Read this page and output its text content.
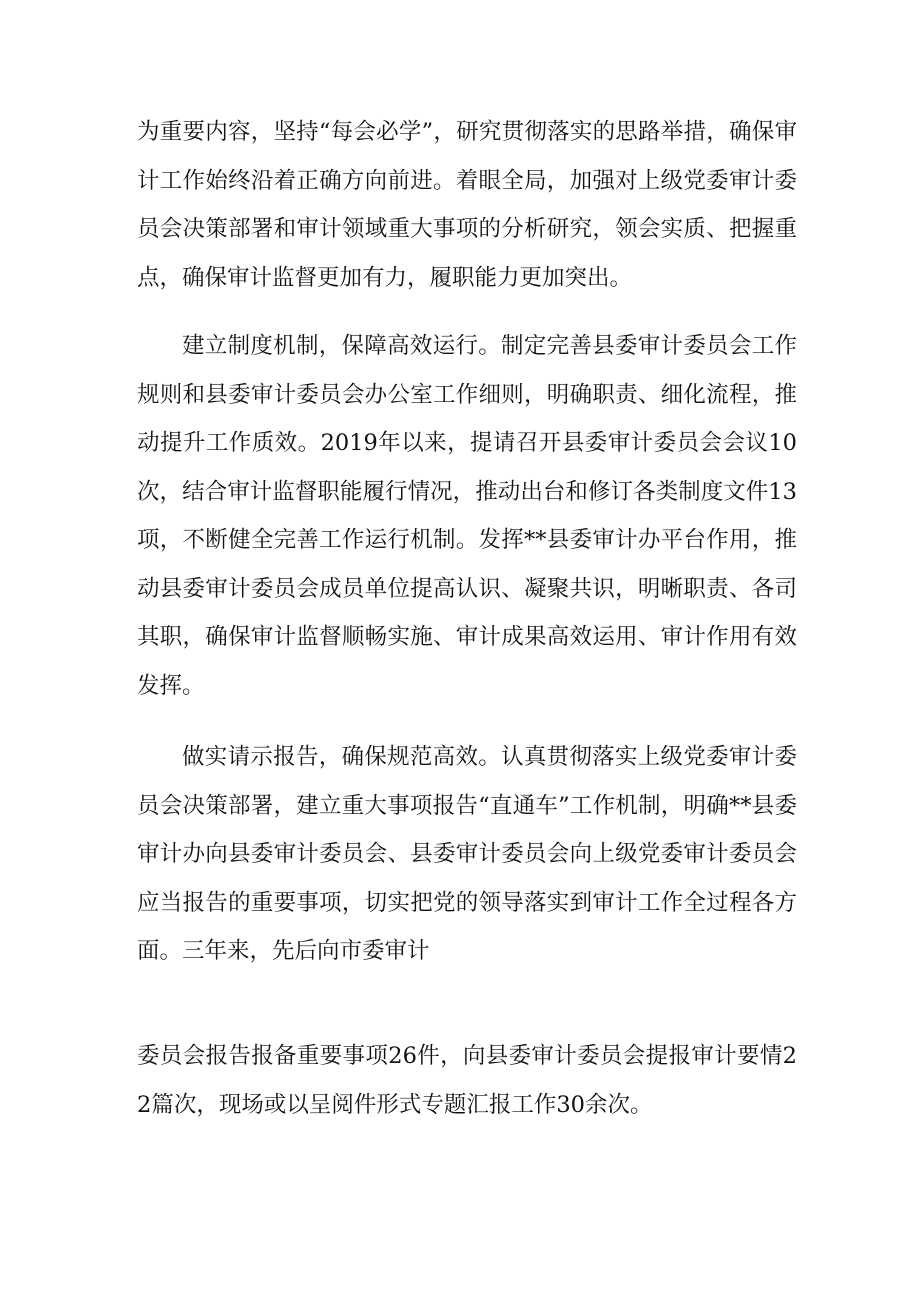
为重要内容，坚持“每会必学”，研究贯彻落实的思路举措，确保审计工作始终沿着正确方向前进。着眼全局，加强对上级党委审计委员会决策部署和审计领域重大事项的分析研究，领会实质、把握重点，确保审计监督更加有力，履职能力更加突出。

建立制度机制，保障高效运行。制定完善县委审计委员会工作规则和县委审计委员会办公室工作细则，明确职责、细化流程，推动提升工作质效。2019年以来，提请召开县委审计委员会会议10次，结合审计监督职能履行情况，推动出台和修订各类制度文件13项，不断健全完善工作运行机制。发挥**县委审计办平台作用，推动县委审计委员会成员单位提高认识、凝聚共识，明晰职责、各司其职，确保审计监督顺畅实施、审计成果高效运用、审计作用有效发挥。

做实请示报告，确保规范高效。认真贯彻落实上级党委审计委员会决策部署，建立重大事项报告“直通车”工作机制，明确**县委审计办向县委审计委员会、县委审计委员会向上级党委审计委员会应当报告的重要事项，切实把党的领导落实到审计工作全过程各方面。三年来，先后向市委审计

委员会报告报备重要事项26件，向县委审计委员会提报审计要情22篇次，现场或以呈阅件形式专题汇报工作30余次。
